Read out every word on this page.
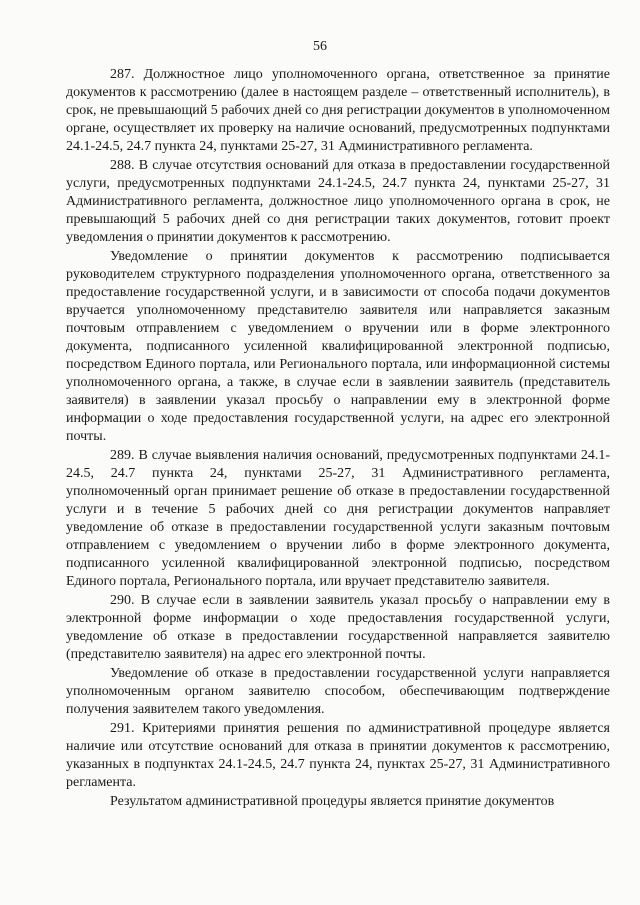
56

287. Должностное лицо уполномоченного органа, ответственное за принятие документов к рассмотрению (далее в настоящем разделе – ответственный исполнитель), в срок, не превышающий 5 рабочих дней со дня регистрации документов в уполномоченном органе, осуществляет их проверку на наличие оснований, предусмотренных подпунктами 24.1-24.5, 24.7 пункта 24, пунктами 25-27, 31 Административного регламента.

288. В случае отсутствия оснований для отказа в предоставлении государственной услуги, предусмотренных подпунктами 24.1-24.5, 24.7 пункта 24, пунктами 25-27, 31 Административного регламента, должностное лицо уполномоченного органа в срок, не превышающий 5 рабочих дней со дня регистрации таких документов, готовит проект уведомления о принятии документов к рассмотрению.

Уведомление о принятии документов к рассмотрению подписывается руководителем структурного подразделения уполномоченного органа, ответственного за предоставление государственной услуги, и в зависимости от способа подачи документов вручается уполномоченному представителю заявителя или направляется заказным почтовым отправлением с уведомлением о вручении или в форме электронного документа, подписанного усиленной квалифицированной электронной подписью, посредством Единого портала, или Регионального портала, или информационной системы уполномоченного органа, а также, в случае если в заявлении заявитель (представитель заявителя) в заявлении указал просьбу о направлении ему в электронной форме информации о ходе предоставления государственной услуги, на адрес его электронной почты.

289. В случае выявления наличия оснований, предусмотренных подпунктами 24.1-24.5, 24.7 пункта 24, пунктами 25-27, 31 Административного регламента, уполномоченный орган принимает решение об отказе в предоставлении государственной услуги и в течение 5 рабочих дней со дня регистрации документов направляет уведомление об отказе в предоставлении государственной услуги заказным почтовым отправлением с уведомлением о вручении либо в форме электронного документа, подписанного усиленной квалифицированной электронной подписью, посредством Единого портала, Регионального портала, или вручает представителю заявителя.

290. В случае если в заявлении заявитель указал просьбу о направлении ему в электронной форме информации о ходе предоставления государственной услуги, уведомление об отказе в предоставлении государственной направляется заявителю (представителю заявителя) на адрес его электронной почты.

Уведомление об отказе в предоставлении государственной услуги направляется уполномоченным органом заявителю способом, обеспечивающим подтверждение получения заявителем такого уведомления.

291. Критериями принятия решения по административной процедуре является наличие или отсутствие оснований для отказа в принятии документов к рассмотрению, указанных в подпунктах 24.1-24.5, 24.7 пункта 24, пунктах 25-27, 31 Административного регламента.

Результатом административной процедуры является принятие документов
